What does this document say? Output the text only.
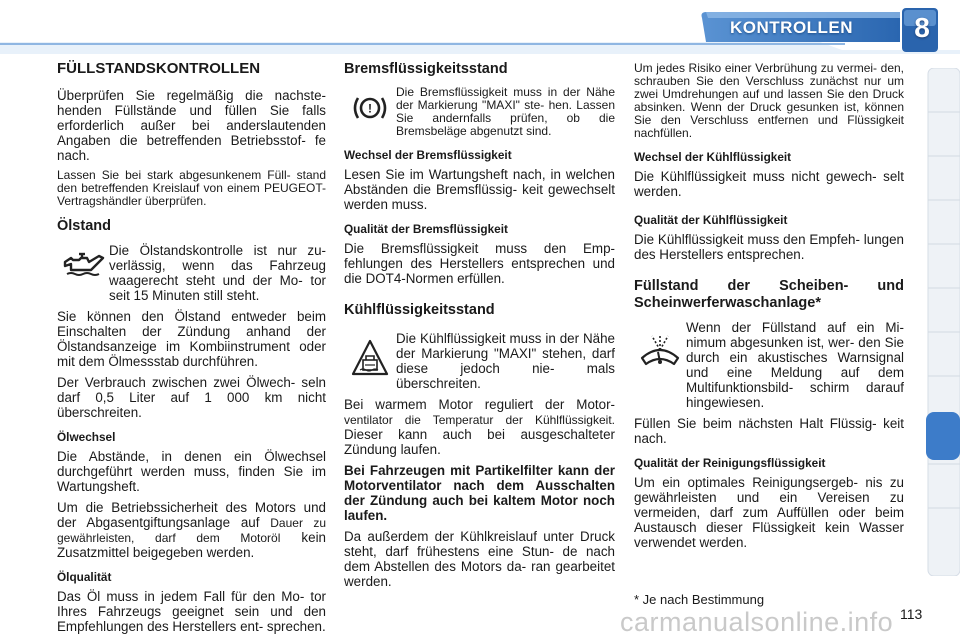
KONTROLLEN 8
FÜLLSTANDSKONTROLLEN

Überprüfen Sie regelmäßig die nachste- henden Füllstände und füllen Sie falls erforderlich außer bei anderslautenden Angaben die betreffenden Betriebsstof- fe nach.

Lassen Sie bei stark abgesunkenem Füll- stand den betreffenden Kreislauf von einem PEUGEOT-Vertragshändler überprüfen.

Ölstand
Die Ölstandskontrolle ist nur zu- verlässig, wenn das Fahrzeug waagerecht steht und der Mo- tor seit 15 Minuten still steht.

Sie können den Ölstand entweder beim Einschalten der Zündung anhand der Ölstandsanzeige im Kombiinstrument oder mit dem Ölmessstab durchführen.

Der Verbrauch zwischen zwei Ölwech- seln darf 0,5 Liter auf 1 000 km nicht überschreiten.

Ölwechsel

Die Abstände, in denen ein Ölwechsel durchgeführt werden muss, finden Sie im Wartungsheft.

Um die Betriebssicherheit des Motors und der Abgasentgiftungsanlage auf Dauer zu gewährleisten, darf dem Motoröl kein Zusatzmittel beigegeben werden.

Ölqualität

Das Öl muss in jedem Fall für den Mo- tor Ihres Fahrzeugs geeignet sein und den Empfehlungen des Herstellers ent- sprechen.

Bremsflüssigkeitsstand
!
Die Bremsflüssigkeit muss in der Nähe der Markierung "MAXI" ste- hen. Lassen Sie andernfalls prüfen, ob die Bremsbeläge abgenutzt sind.
Wechsel der Bremsflüssigkeit

Lesen Sie im Wartungsheft nach, in welchen Abständen die Bremsflüssig- keit gewechselt werden muss.

Qualität der Bremsflüssigkeit

Die Bremsflüssigkeit muss den Emp- fehlungen des Herstellers entsprechen und die DOT4-Normen erfüllen.

Kühlflüssigkeitsstand
Die Kühlflüssigkeit muss in der Nähe der Markierung "MAXI" stehen, darf diese jedoch nie- mals überschreiten.

Bei warmem Motor reguliert der Motor- ventilator die Temperatur der Kühlflüssigkeit. Dieser kann auch bei ausgeschalteter Zündung laufen.

Bei Fahrzeugen mit Partikelfilter kann der Motorventilator nach dem Ausschalten der Zündung auch bei kaltem Motor noch laufen.

Da außerdem der Kühlkreislauf unter Druck steht, darf frühestens eine Stun- de nach dem Abstellen des Motors da- ran gearbeitet werden.

Um jedes Risiko einer Verbrühung zu vermei- den, schrauben Sie den Verschluss zunächst nur um zwei Umdrehungen auf und lassen Sie den Druck absinken. Wenn der Druck gesunken ist, können Sie den Verschluss entfernen und Flüssigkeit nachfüllen.

Wechsel der Kühlflüssigkeit

Die Kühlflüssigkeit muss nicht gewech- selt werden.

Qualität der Kühlflüssigkeit

Die Kühlflüssigkeit muss den Empfeh- lungen des Herstellers entsprechen.

Füllstand der Scheiben- und Scheinwerferwaschanlage*
Wenn der Füllstand auf ein Mi- nimum abgesunken ist, wer- den Sie durch ein akustisches Warnsignal und eine Meldung auf dem Multifunktionsbild- schirm darauf hingewiesen.

Füllen Sie beim nächsten Halt Flüssig- keit nach.

Qualität der Reinigungsflüssigkeit

Um ein optimales Reinigungsergeb- nis zu gewährleisten und ein Vereisen zu vermeiden, darf zum Auffüllen oder beim Austausch dieser Flüssigkeit kein Wasser verwendet werden.

* Je nach Bestimmung
carmanualsonline.info 113
